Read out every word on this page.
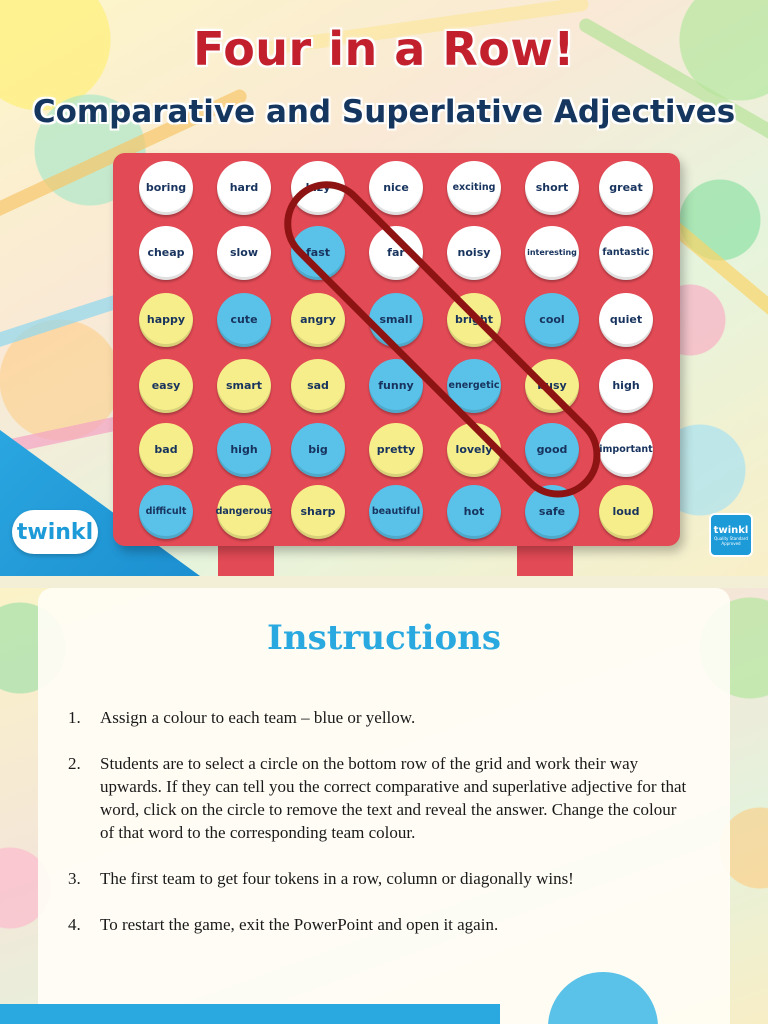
Four in a Row!
Comparative and Superlative Adjectives
boring	hard	lazy	nice	exciting	short	great
cheap	slow	fast	far	noisy	interesting	fantastic
happy	cute	angry	small	bright	cool	quiet
easy	smart	sad	funny	energetic	busy	high
bad	high	big	pretty	lovely	good	important
difficult	dangerous	sharp	beautiful	hot	safe	loud
twinkl	twinkl
Quality Standard Approved
Instructions
1. Assign a colour to each team – blue or yellow.
2. Students are to select a circle on the bottom row of the grid and work their way upwards. If they can tell you the correct comparative and superlative adjective for that word, click on the circle to remove the text and reveal the answer. Change the colour of that word to the corresponding team colour.
3. The first team to get four tokens in a row, column or diagonally wins!
4. To restart the game, exit the PowerPoint and open it again.
